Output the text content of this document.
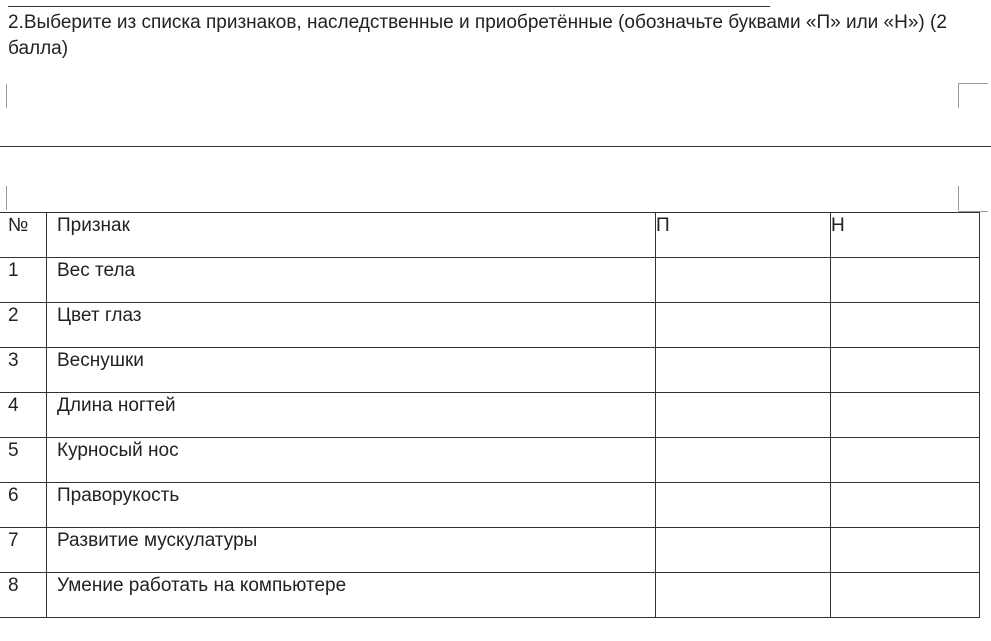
2.Выберите из списка признаков, наследственные и приобретённые (обозначьте буквами «П» или «Н») (2 балла)

№	Признак	П	Н

1	Вес тела		

2	Цвет глаз		

3	Веснушки		

4	Длина ногтей		

5	Курносый нос		

6	Праворукость		

7	Развитие мускулатуры		

8	Умение работать на компьютере		
